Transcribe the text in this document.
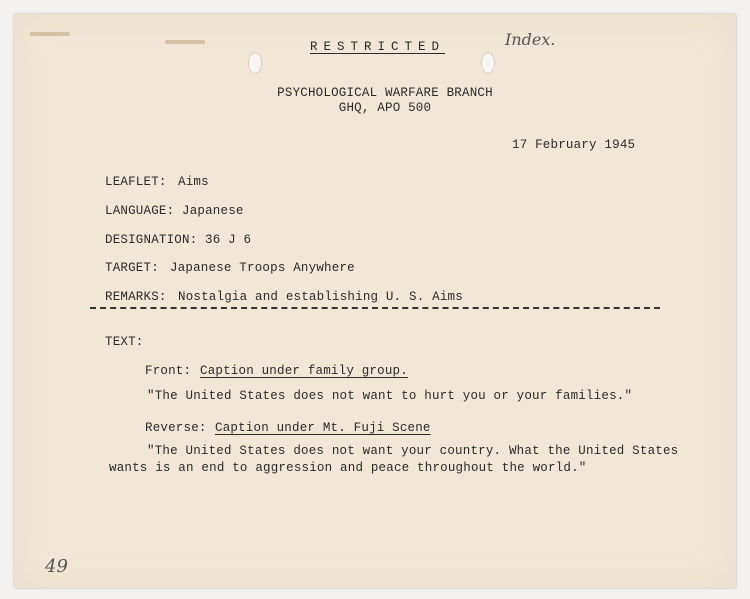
RESTRICTED	Index.
PSYCHOLOGICAL WARFARE BRANCH
GHQ, APO 500
17 February 1945
LEAFLET: Aims
LANGUAGE: Japanese
DESIGNATION: 36 J 6
TARGET: Japanese Troops Anywhere
REMARKS: Nostalgia and establishing U. S. Aims
TEXT:
Front: Caption under family group.
"The United States does not want to hurt you or your families."
Reverse: Caption under Mt. Fuji Scene
"The United States does not want your country. What the United States
wants is an end to aggression and peace throughout the world."
49
